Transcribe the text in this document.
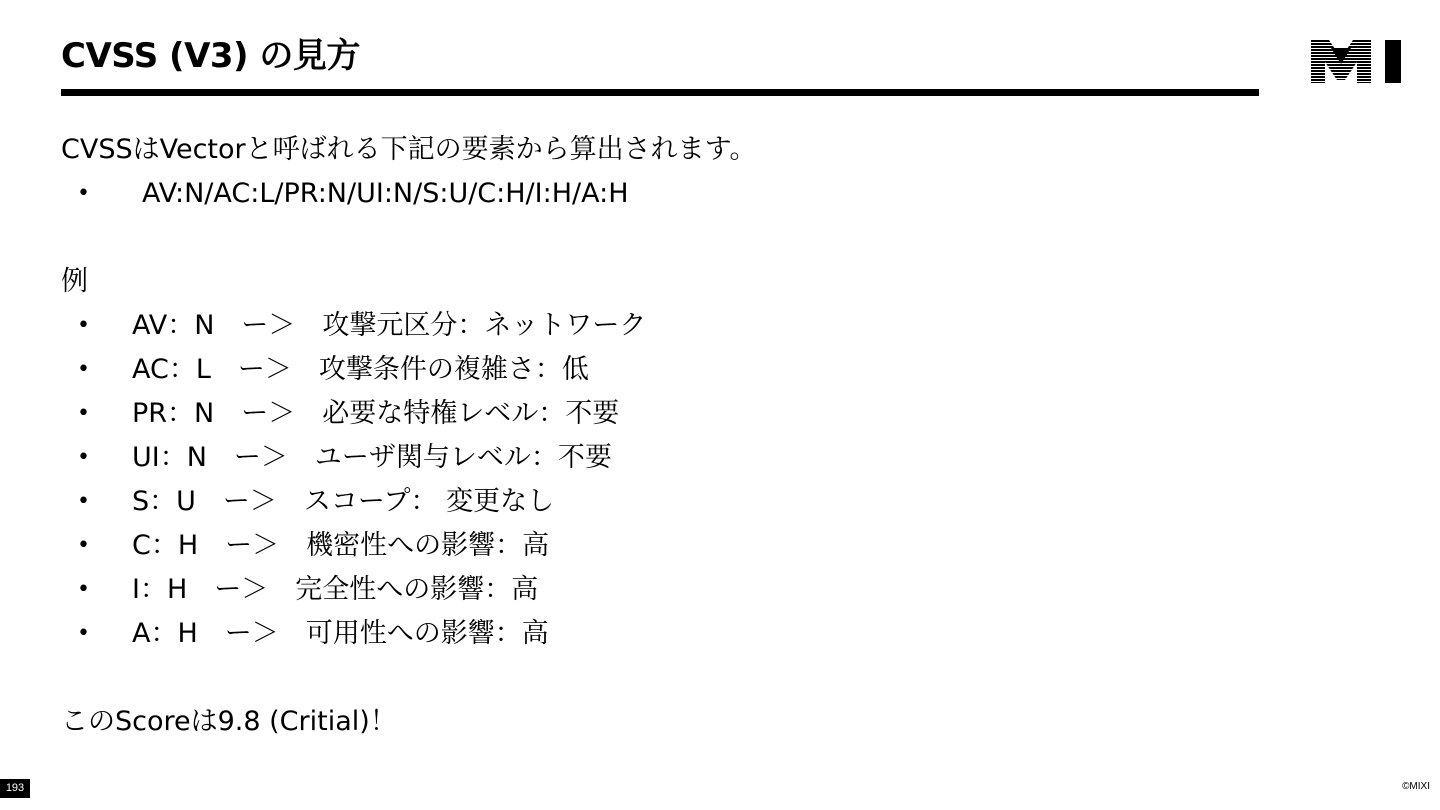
CVSS (V3) の見方
CVSSはVectorと呼ばれる下記の要素から算出されます。
• AV:N/AC:L/PR:N/UI:N/S:U/C:H/I:H/A:H
例
• AV：N　ー＞　攻撃元区分：ネットワーク
• AC：L　ー＞　攻撃条件の複雑さ：低
• PR：N　ー＞　必要な特権レベル：不要
• UI：N　ー＞　ユーザ関与レベル：不要
• S：U　ー＞　スコープ： 変更なし
• C：H　ー＞　機密性への影響：高
• I：H　ー＞　完全性への影響：高
• A：H　ー＞　可用性への影響：高
このScoreは9.8 (Critial)！
193	©MIXI
